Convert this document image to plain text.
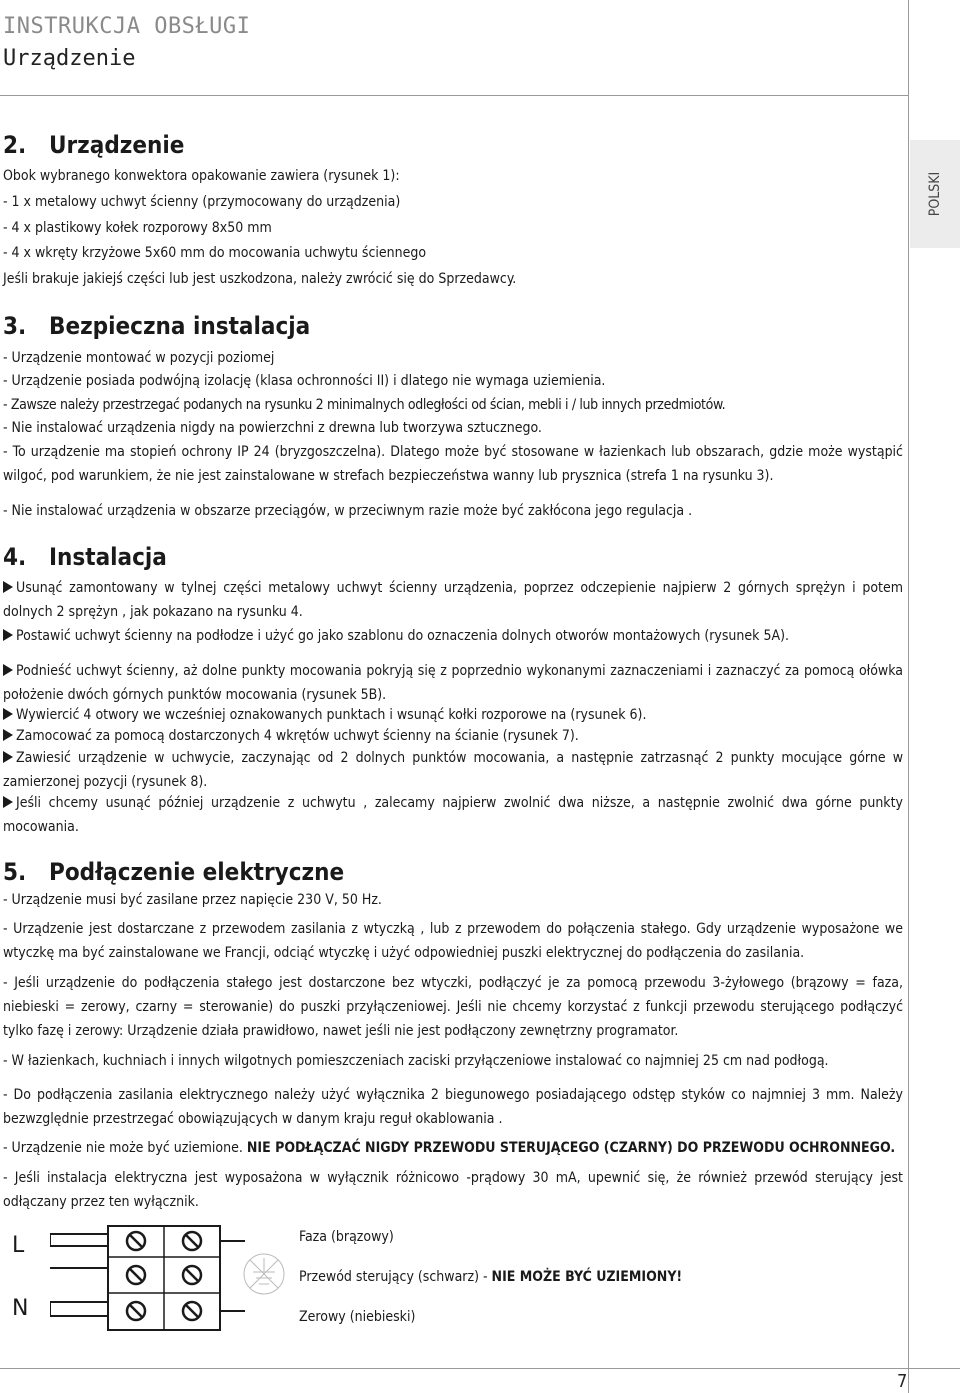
INSTRUKCJA OBSŁUGI
Urządzenie
POLSKI
2. Urządzenie
Obok wybranego konwektora opakowanie zawiera (rysunek 1):
- 1 x metalowy uchwyt ścienny (przymocowany do urządzenia)
- 4 x plastikowy kołek rozporowy 8x50 mm
- 4 x wkręty krzyżowe 5x60 mm do mocowania uchwytu ściennego
Jeśli brakuje jakiejś części lub jest uszkodzona, należy zwrócić się do Sprzedawcy.
3. Bezpieczna instalacja
- Urządzenie montować w pozycji poziomej
- Urządzenie posiada podwójną izolację (klasa ochronności II) i dlatego nie wymaga uziemienia.
- Zawsze należy przestrzegać podanych na rysunku 2 minimalnych odległości od ścian, mebli i / lub innych przedmiotów.
- Nie instalować urządzenia nigdy na powierzchni z drewna lub tworzywa sztucznego.
- To urządzenie ma stopień ochrony IP 24 (bryzgoszczelna). Dlatego może być stosowane w łazienkach lub obszarach, gdzie może wystąpić wilgoć, pod warunkiem, że nie jest zainstalowane w strefach bezpieczeństwa wanny lub prysznica (strefa 1 na rysunku 3).
- Nie instalować urządzenia w obszarze przeciągów, w przeciwnym razie może być zakłócona jego regulacja .
4. Instalacja
Usunąć zamontowany w tylnej części metalowy uchwyt ścienny urządzenia, poprzez odczepienie najpierw 2 górnych sprężyn i potem dolnych 2 sprężyn , jak pokazano na rysunku 4.
Postawić uchwyt ścienny na podłodze i użyć go jako szablonu do oznaczenia dolnych otworów montażowych (rysunek 5A).
Podnieść uchwyt ścienny, aż dolne punkty mocowania pokryją się z poprzednio wykonanymi zaznaczeniami i zaznaczyć za pomocą ołówka położenie dwóch górnych punktów mocowania (rysunek 5B).
Wywiercić 4 otwory we wcześniej oznakowanych punktach i wsunąć kołki rozporowe na (rysunek 6).
Zamocować za pomocą dostarczonych 4 wkrętów uchwyt ścienny na ścianie (rysunek 7).
Zawiesić urządzenie w uchwycie, zaczynając od 2 dolnych punktów mocowania, a następnie zatrzasnąć 2 punkty mocujące górne w zamierzonej pozycji (rysunek 8).
Jeśli chcemy usunąć później urządzenie z uchwytu , zalecamy najpierw zwolnić dwa niższe, a następnie zwolnić dwa górne punkty mocowania.
5. Podłączenie elektryczne
- Urządzenie musi być zasilane przez napięcie 230 V, 50 Hz.
- Urządzenie jest dostarczane z przewodem zasilania z wtyczką , lub z przewodem do połączenia stałego. Gdy urządzenie wyposażone we wtyczkę ma być zainstalowane we Francji, odciąć wtyczkę i użyć odpowiedniej puszki elektrycznej do podłączenia do zasilania.
- Jeśli urządzenie do podłączenia stałego jest dostarczone bez wtyczki, podłączyć je za pomocą przewodu 3-żyłowego (brązowy = faza, niebieski = zerowy, czarny = sterowanie) do puszki przyłączeniowej. Jeśli nie chcemy korzystać z funkcji przewodu sterującego podłączyć tylko fazę i zerowy: Urządzenie działa prawidłowo, nawet jeśli nie jest podłączony zewnętrzny programator.
- W łazienkach, kuchniach i innych wilgotnych pomieszczeniach zaciski przyłączeniowe instalować co najmniej 25 cm nad podłogą.
- Do podłączenia zasilania elektrycznego należy użyć wyłącznika 2 biegunowego posiadającego odstęp styków co najmniej 3 mm. Należy bezwzględnie przestrzegać obowiązujących w danym kraju reguł okablowania .
- Urządzenie nie może być uziemione. NIE PODŁĄCZAĆ NIGDY PRZEWODU STERUJĄCEGO (CZARNY) DO PRZEWODU OCHRONNEGO.
- Jeśli instalacja elektryczna jest wyposażona w wyłącznik różnicowo -prądowy 30 mA, upewnić się, że również przewód sterujący jest odłączany przez ten wyłącznik.
L
N
Faza (brązowy)
Przewód sterujący (schwarz) - NIE MOŻE BYĆ UZIEMIONY!
Zerowy (niebieski)
7
